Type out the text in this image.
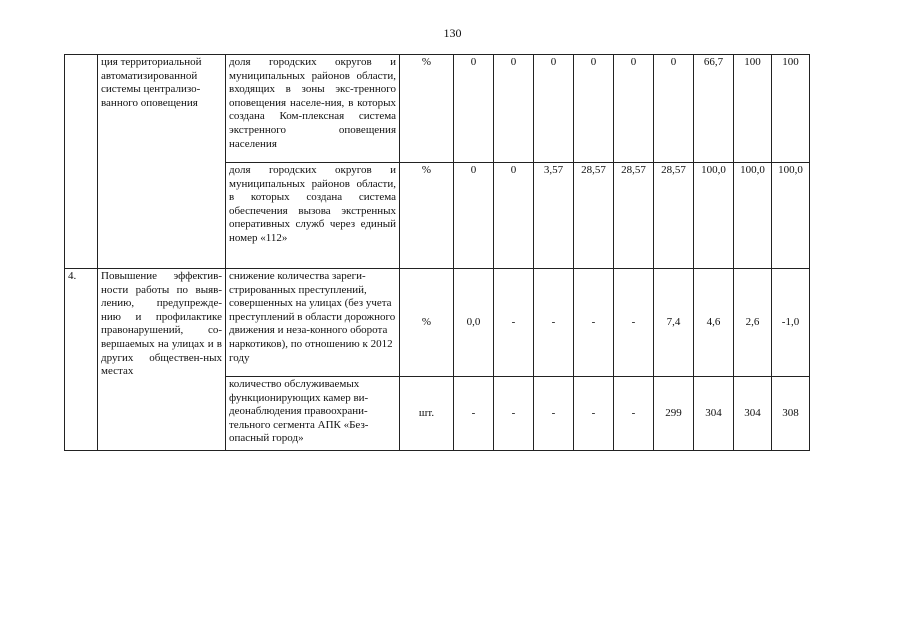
130
	ция территориальной автоматизированной системы централизо-ванного оповещения	доля городских округов и муниципальных районов области, входящих в зоны экс-тренного оповещения населе-ния, в которых создана Ком-плексная система экстренного оповещения населения	%	0	0	0	0	0	0	66,7	100	100
		доля городских округов и муниципальных районов области, в которых создана система обеспечения вызова экстренных оперативных служб через единый номер «112»	%	0	0	3,57	28,57	28,57	28,57	100,0	100,0	100,0
4.	Повышение эффектив-ности работы по выяв-лению, предупрежде-нию и профилактике правонарушений, со-вершаемых на улицах и в других обществен-ных местах	снижение количества зареги-стрированных преступлений, совершенных на улицах (без учета преступлений в области дорожного движения и неза-конного оборота наркотиков), по отношению к 2012 году	%	0,0	-	-	-	-	7,4	4,6	2,6	-1,0
		количество обслуживаемых функционирующих камер ви-деонаблюдения правоохрани-тельного сегмента АПК «Без-опасный город»	шт.	-	-	-	-	-	299	304	304	308
